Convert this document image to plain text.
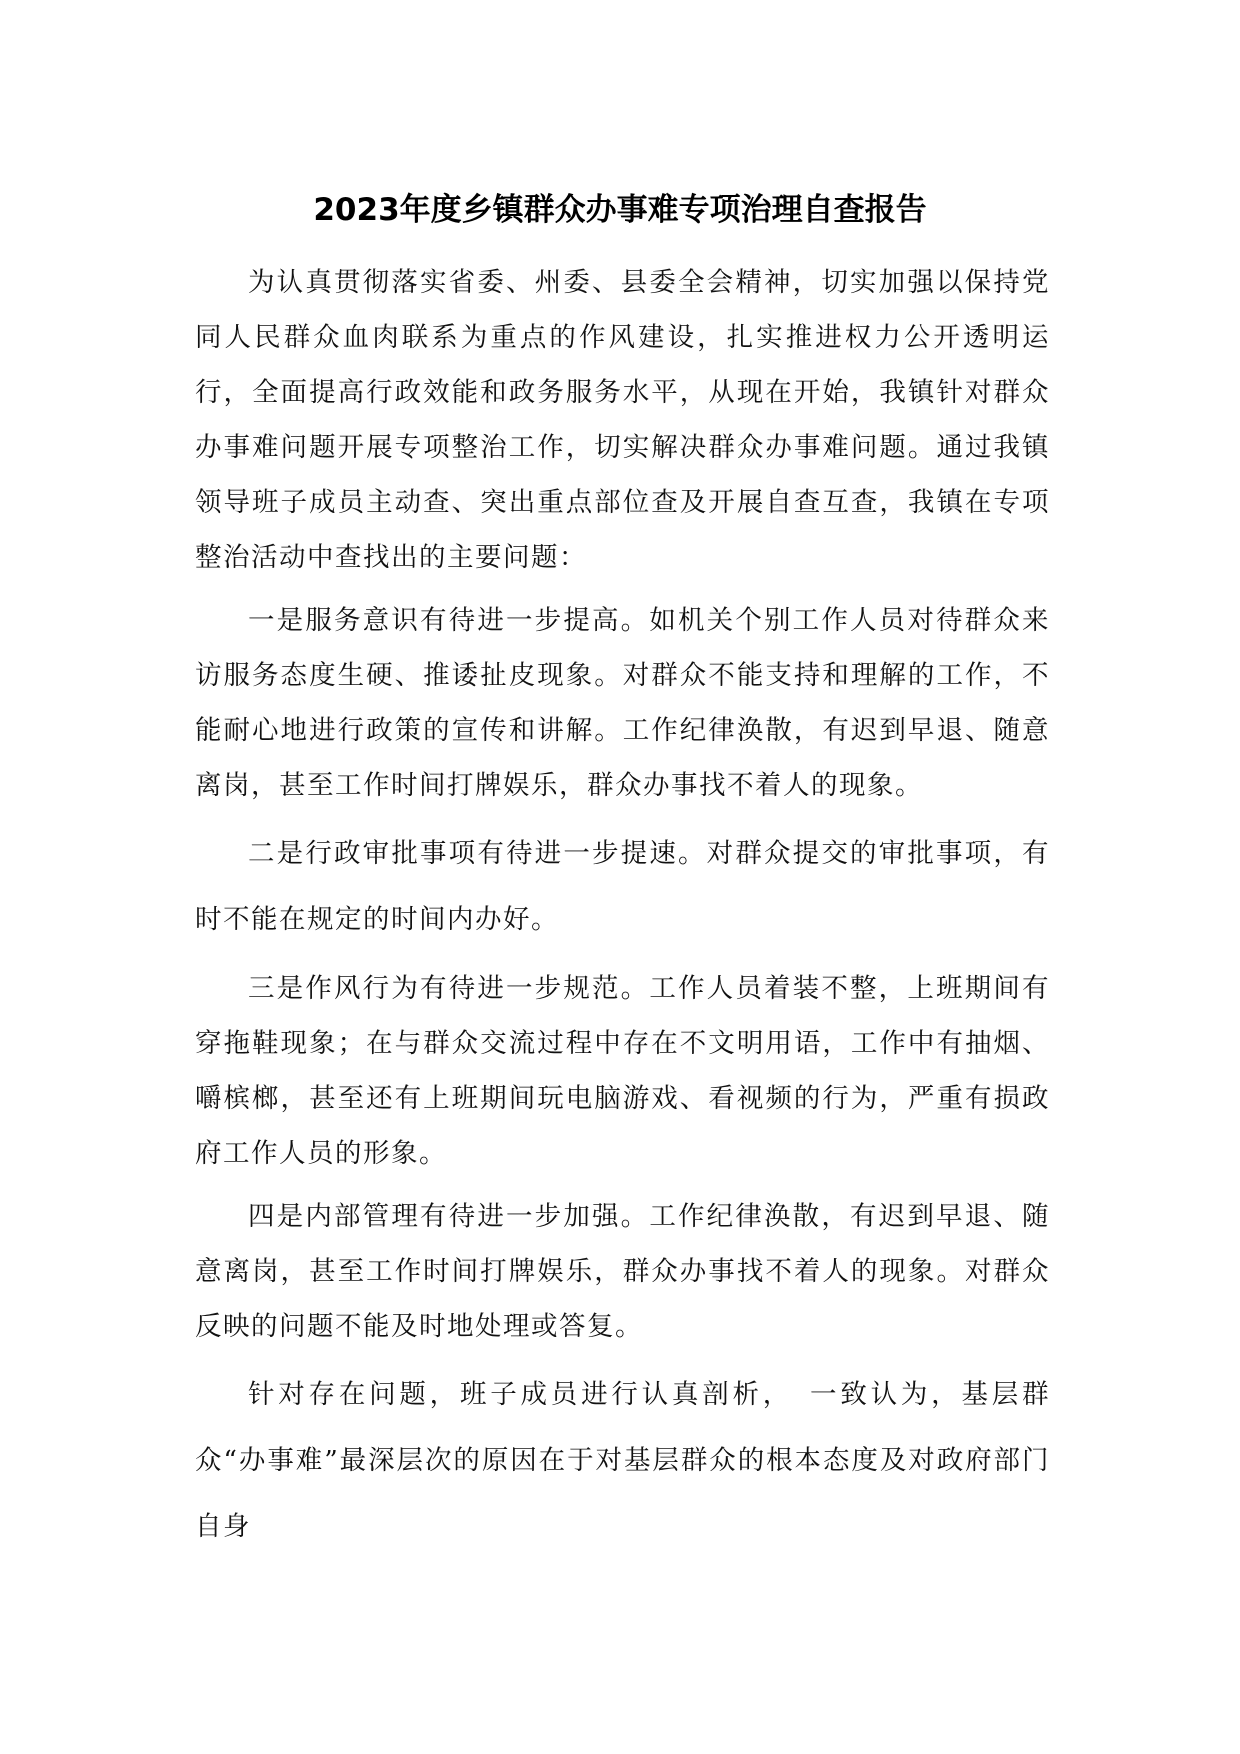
2023年度乡镇群众办事难专项治理自查报告

为认真贯彻落实省委、州委、县委全会精神，切实加强以保持党同人民群众血肉联系为重点的作风建设，扎实推进权力公开透明运行，全面提高行政效能和政务服务水平，从现在开始，我镇针对群众办事难问题开展专项整治工作，切实解决群众办事难问题。通过我镇领导班子成员主动查、突出重点部位查及开展自查互查，我镇在专项整治活动中查找出的主要问题：

一是服务意识有待进一步提高。如机关个别工作人员对待群众来访服务态度生硬、推诿扯皮现象。对群众不能支持和理解的工作，不能耐心地进行政策的宣传和讲解。工作纪律涣散，有迟到早退、随意离岗，甚至工作时间打牌娱乐，群众办事找不着人的现象。

二是行政审批事项有待进一步提速。对群众提交的审批事项，有时不能在规定的时间内办好。

三是作风行为有待进一步规范。工作人员着装不整，上班期间有穿拖鞋现象；在与群众交流过程中存在不文明用语，工作中有抽烟、嚼槟榔，甚至还有上班期间玩电脑游戏、看视频的行为，严重有损政府工作人员的形象。

四是内部管理有待进一步加强。工作纪律涣散，有迟到早退、随意离岗，甚至工作时间打牌娱乐，群众办事找不着人的现象。对群众反映的问题不能及时地处理或答复。

针对存在问题，班子成员进行认真剖析，　一致认为，基层群众“办事难”最深层次的原因在于对基层群众的根本态度及对政府部门自身
